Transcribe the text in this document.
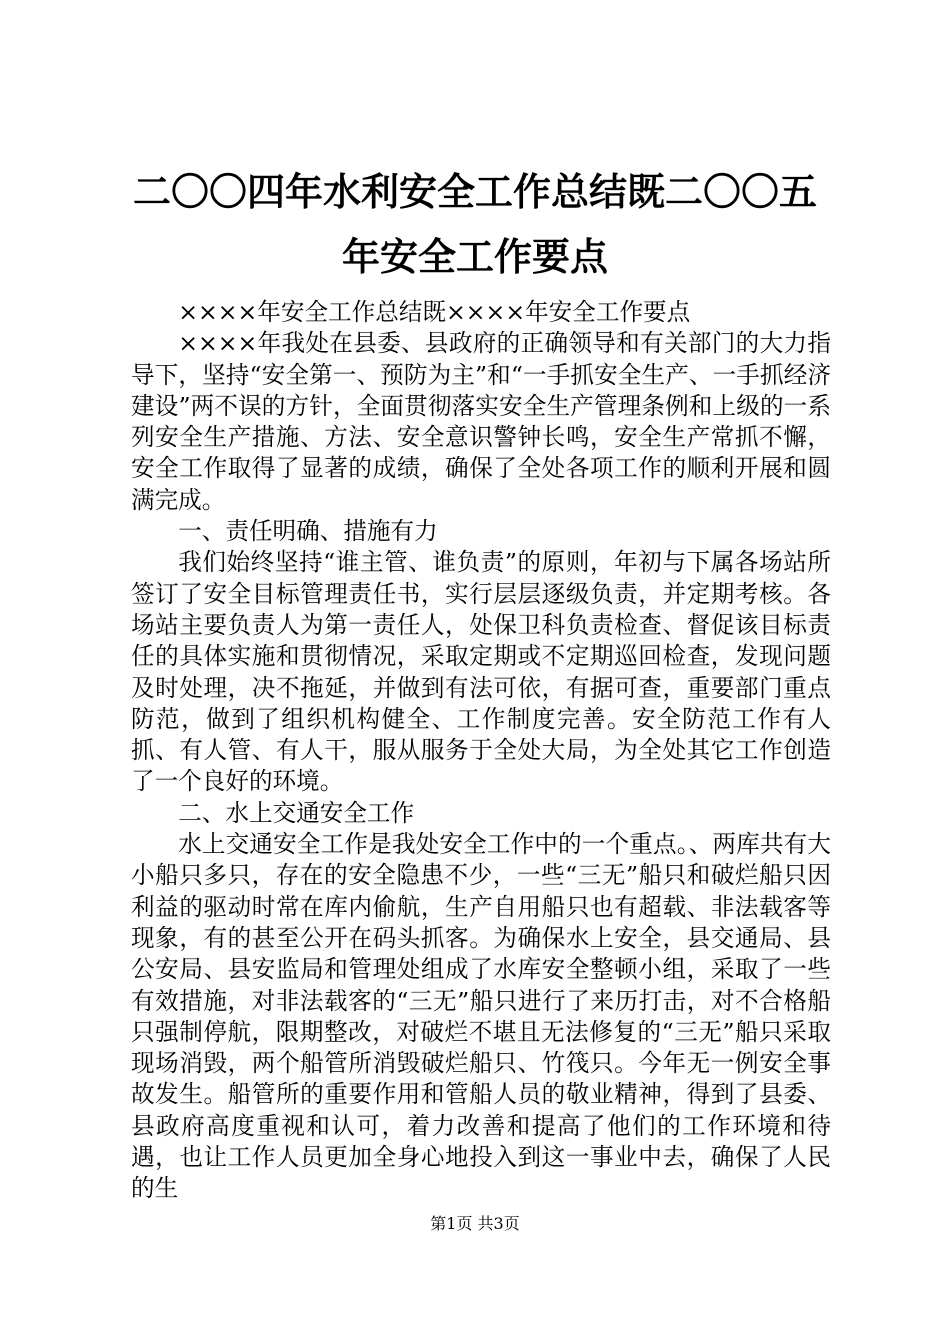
二〇〇四年水利安全工作总结既二〇〇五年安全工作要点

××××年安全工作总结既××××年安全工作要点

××××年我处在县委、县政府的正确领导和有关部门的大力指导下，坚持“安全第一、预防为主”和“一手抓安全生产、一手抓经济建设”两不误的方针，全面贯彻落实安全生产管理条例和上级的一系列安全生产措施、方法、安全意识警钟长鸣，安全生产常抓不懈，安全工作取得了显著的成绩，确保了全处各项工作的顺利开展和圆满完成。

一、责任明确、措施有力

我们始终坚持“谁主管、谁负责”的原则，年初与下属各场站所签订了安全目标管理责任书，实行层层逐级负责，并定期考核。各场站主要负责人为第一责任人，处保卫科负责检查、督促该目标责任的具体实施和贯彻情况，采取定期或不定期巡回检查，发现问题及时处理，决不拖延，并做到有法可依，有据可查，重要部门重点防范，做到了组织机构健全、工作制度完善。安全防范工作有人抓、有人管、有人干，服从服务于全处大局，为全处其它工作创造了一个良好的环境。

二、水上交通安全工作

水上交通安全工作是我处安全工作中的一个重点。、两库共有大小船只多只，存在的安全隐患不少，一些“三无”船只和破烂船只因利益的驱动时常在库内偷航，生产自用船只也有超载、非法载客等现象，有的甚至公开在码头抓客。为确保水上安全，县交通局、县公安局、县安监局和管理处组成了水库安全整顿小组，采取了一些有效措施，对非法载客的“三无”船只进行了来历打击，对不合格船只强制停航，限期整改，对破烂不堪且无法修复的“三无”船只采取现场消毁，两个船管所消毁破烂船只、竹筏只。今年无一例安全事故发生。船管所的重要作用和管船人员的敬业精神，得到了县委、县政府高度重视和认可，着力改善和提高了他们的工作环境和待遇，也让工作人员更加全身心地投入到这一事业中去，确保了人民的生

第1页 共3页
